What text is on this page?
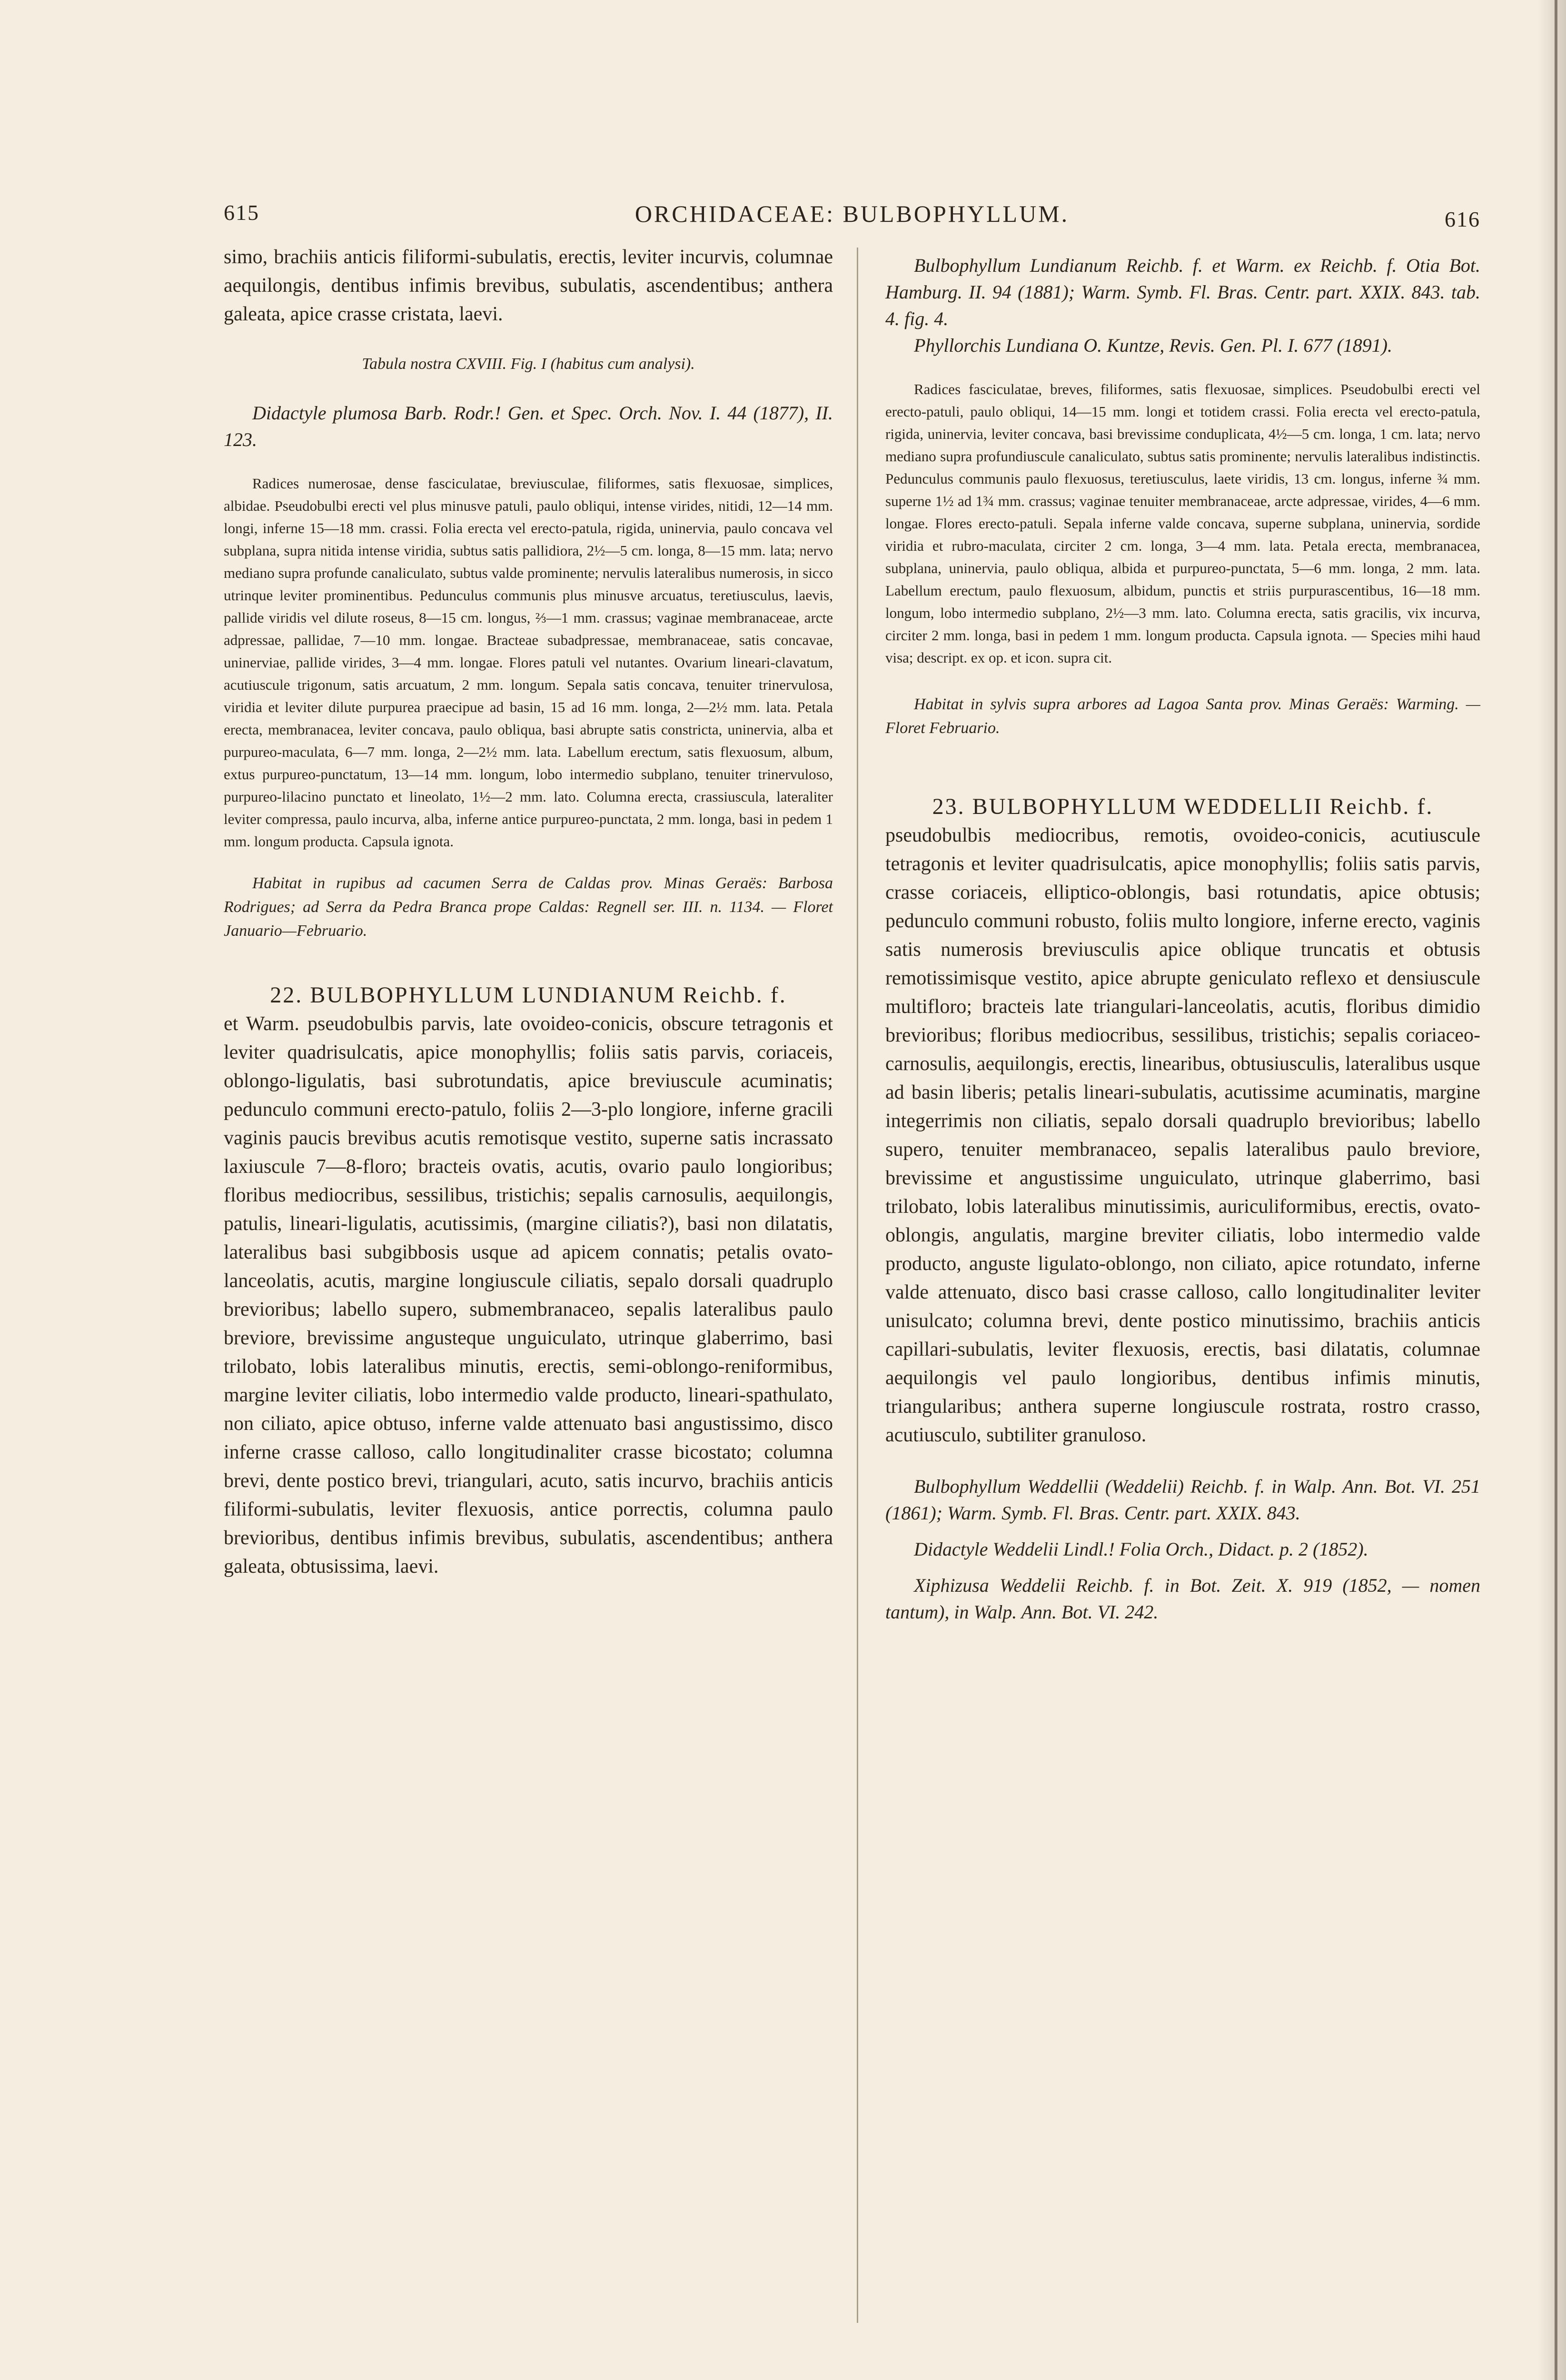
615	ORCHIDACEAE: BULBOPHYLLUM.	616

simo, brachiis anticis filiformi-subulatis, erectis, leviter incurvis, columnae aequilongis, dentibus infimis brevibus, subulatis, ascendentibus; anthera galeata, apice crasse cristata, laevi.

Tabula nostra CXVIII. Fig. I (habitus cum analysi).

Didactyle plumosa Barb. Rodr.! Gen. et Spec. Orch. Nov. I. 44 (1877), II. 123.

Radices numerosae, dense fasciculatae, breviusculae, filiformes, satis flexuosae, simplices, albidae. Pseudobulbi erecti vel plus minusve patuli, paulo obliqui, intense virides, nitidi, 12—14 mm. longi, inferne 15—18 mm. crassi. Folia erecta vel erecto-patula, rigida, uninervia, paulo concava vel subplana, supra nitida intense viridia, subtus satis pallidiora, 2½—5 cm. longa, 8—15 mm. lata; nervo mediano supra profunde canaliculato, subtus valde prominente; nervulis lateralibus numerosis, in sicco utrinque leviter prominentibus. Pedunculus communis plus minusve arcuatus, teretiusculus, laevis, pallide viridis vel dilute roseus, 8—15 cm. longus, ⅔—1 mm. crassus; vaginae membranaceae, arcte adpressae, pallidae, 7—10 mm. longae. Bracteae subadpressae, membranaceae, satis concavae, uninerviae, pallide virides, 3—4 mm. longae. Flores patuli vel nutantes. Ovarium lineari-clavatum, acutiuscule trigonum, satis arcuatum, 2 mm. longum. Sepala satis concava, tenuiter trinervulosa, viridia et leviter dilute purpurea praecipue ad basin, 15 ad 16 mm. longa, 2—2½ mm. lata. Petala erecta, membranacea, leviter concava, paulo obliqua, basi abrupte satis constricta, uninervia, alba et purpureo-maculata, 6—7 mm. longa, 2—2½ mm. lata. Labellum erectum, satis flexuosum, album, extus purpureo-punctatum, 13—14 mm. longum, lobo intermedio subplano, tenuiter trinervuloso, purpureo-lilacino punctato et lineolato, 1½—2 mm. lato. Columna erecta, crassiuscula, lateraliter leviter compressa, paulo incurva, alba, inferne antice purpureo-punctata, 2 mm. longa, basi in pedem 1 mm. longum producta. Capsula ignota.

Habitat in rupibus ad cacumen Serra de Caldas prov. Minas Geraës: Barbosa Rodrigues; ad Serra da Pedra Branca prope Caldas: Regnell ser. III. n. 1134. — Floret Januario—Februario.

22. BULBOPHYLLUM LUNDIANUM Reichb. f.

et Warm. pseudobulbis parvis, late ovoideo-conicis, obscure tetragonis et leviter quadrisulcatis, apice monophyllis; foliis satis parvis, coriaceis, oblongo-ligulatis, basi subrotundatis, apice breviuscule acuminatis; pedunculo communi erecto-patulo, foliis 2—3-plo longiore, inferne gracili vaginis paucis brevibus acutis remotisque vestito, superne satis incrassato laxiuscule 7—8-floro; bracteis ovatis, acutis, ovario paulo longioribus; floribus mediocribus, sessilibus, tristichis; sepalis carnosulis, aequilongis, patulis, lineari-ligulatis, acutissimis, (margine ciliatis?), basi non dilatatis, lateralibus basi subgibbosis usque ad apicem connatis; petalis ovato-lanceolatis, acutis, margine longiuscule ciliatis, sepalo dorsali quadruplo brevioribus; labello supero, submembranaceo, sepalis lateralibus paulo breviore, brevissime angusteque unguiculato, utrinque glaberrimo, basi trilobato, lobis lateralibus minutis, erectis, semi-oblongo-reniformibus, margine leviter ciliatis, lobo intermedio valde producto, lineari-spathulato, non ciliato, apice obtuso, inferne valde attenuato basi angustissimo, disco inferne crasse calloso, callo longitudinaliter crasse bicostato; columna brevi, dente postico brevi, triangulari, acuto, satis incurvo, brachiis anticis filiformi-subulatis, leviter flexuosis, antice porrectis, columna paulo brevioribus, dentibus infimis brevibus, subulatis, ascendentibus; anthera galeata, obtusissima, laevi.

Bulbophyllum Lundianum Reichb. f. et Warm. ex Reichb. f. Otia Bot. Hamburg. II. 94 (1881); Warm. Symb. Fl. Bras. Centr. part. XXIX. 843. tab. 4. fig. 4.

Phyllorchis Lundiana O. Kuntze, Revis. Gen. Pl. I. 677 (1891).

Radices fasciculatae, breves, filiformes, satis flexuosae, simplices. Pseudobulbi erecti vel erecto-patuli, paulo obliqui, 14—15 mm. longi et totidem crassi. Folia erecta vel erecto-patula, rigida, uninervia, leviter concava, basi brevissime conduplicata, 4½—5 cm. longa, 1 cm. lata; nervo mediano supra profundiuscule canaliculato, subtus satis prominente; nervulis lateralibus indistinctis. Pedunculus communis paulo flexuosus, teretiusculus, laete viridis, 13 cm. longus, inferne ¾ mm. superne 1½ ad 1¾ mm. crassus; vaginae tenuiter membranaceae, arcte adpressae, virides, 4—6 mm. longae. Flores erecto-patuli. Sepala inferne valde concava, superne subplana, uninervia, sordide viridia et rubro-maculata, circiter 2 cm. longa, 3—4 mm. lata. Petala erecta, membranacea, subplana, uninervia, paulo obliqua, albida et purpureo-punctata, 5—6 mm. longa, 2 mm. lata. Labellum erectum, paulo flexuosum, albidum, punctis et striis purpurascentibus, 16—18 mm. longum, lobo intermedio subplano, 2½—3 mm. lato. Columna erecta, satis gracilis, vix incurva, circiter 2 mm. longa, basi in pedem 1 mm. longum producta. Capsula ignota. — Species mihi haud visa; descript. ex op. et icon. supra cit.

Habitat in sylvis supra arbores ad Lagoa Santa prov. Minas Geraës: Warming. — Floret Februario.

23. BULBOPHYLLUM WEDDELLII Reichb. f.

pseudobulbis mediocribus, remotis, ovoideo-conicis, acutiuscule tetragonis et leviter quadrisulcatis, apice monophyllis; foliis satis parvis, crasse coriaceis, elliptico-oblongis, basi rotundatis, apice obtusis; pedunculo communi robusto, foliis multo longiore, inferne erecto, vaginis satis numerosis breviusculis apice oblique truncatis et obtusis remotissimisque vestito, apice abrupte geniculato reflexo et densiuscule multifloro; bracteis late triangulari-lanceolatis, acutis, floribus dimidio brevioribus; floribus mediocribus, sessilibus, tristichis; sepalis coriaceo-carnosulis, aequilongis, erectis, linearibus, obtusiusculis, lateralibus usque ad basin liberis; petalis lineari-subulatis, acutissime acuminatis, margine integerrimis non ciliatis, sepalo dorsali quadruplo brevioribus; labello supero, tenuiter membranaceo, sepalis lateralibus paulo breviore, brevissime et angustissime unguiculato, utrinque glaberrimo, basi trilobato, lobis lateralibus minutissimis, auriculiformibus, erectis, ovato-oblongis, angulatis, margine breviter ciliatis, lobo intermedio valde producto, anguste ligulato-oblongo, non ciliato, apice rotundato, inferne valde attenuato, disco basi crasse calloso, callo longitudinaliter leviter unisulcato; columna brevi, dente postico minutissimo, brachiis anticis capillari-subulatis, leviter flexuosis, erectis, basi dilatatis, columnae aequilongis vel paulo longioribus, dentibus infimis minutis, triangularibus; anthera superne longiuscule rostrata, rostro crasso, acutiusculo, subtiliter granuloso.

Bulbophyllum Weddellii (Weddelii) Reichb. f. in Walp. Ann. Bot. VI. 251 (1861); Warm. Symb. Fl. Bras. Centr. part. XXIX. 843.

Didactyle Weddelii Lindl.! Folia Orch., Didact. p. 2 (1852).

Xiphizusa Weddelii Reichb. f. in Bot. Zeit. X. 919 (1852, — nomen tantum), in Walp. Ann. Bot. VI. 242.
